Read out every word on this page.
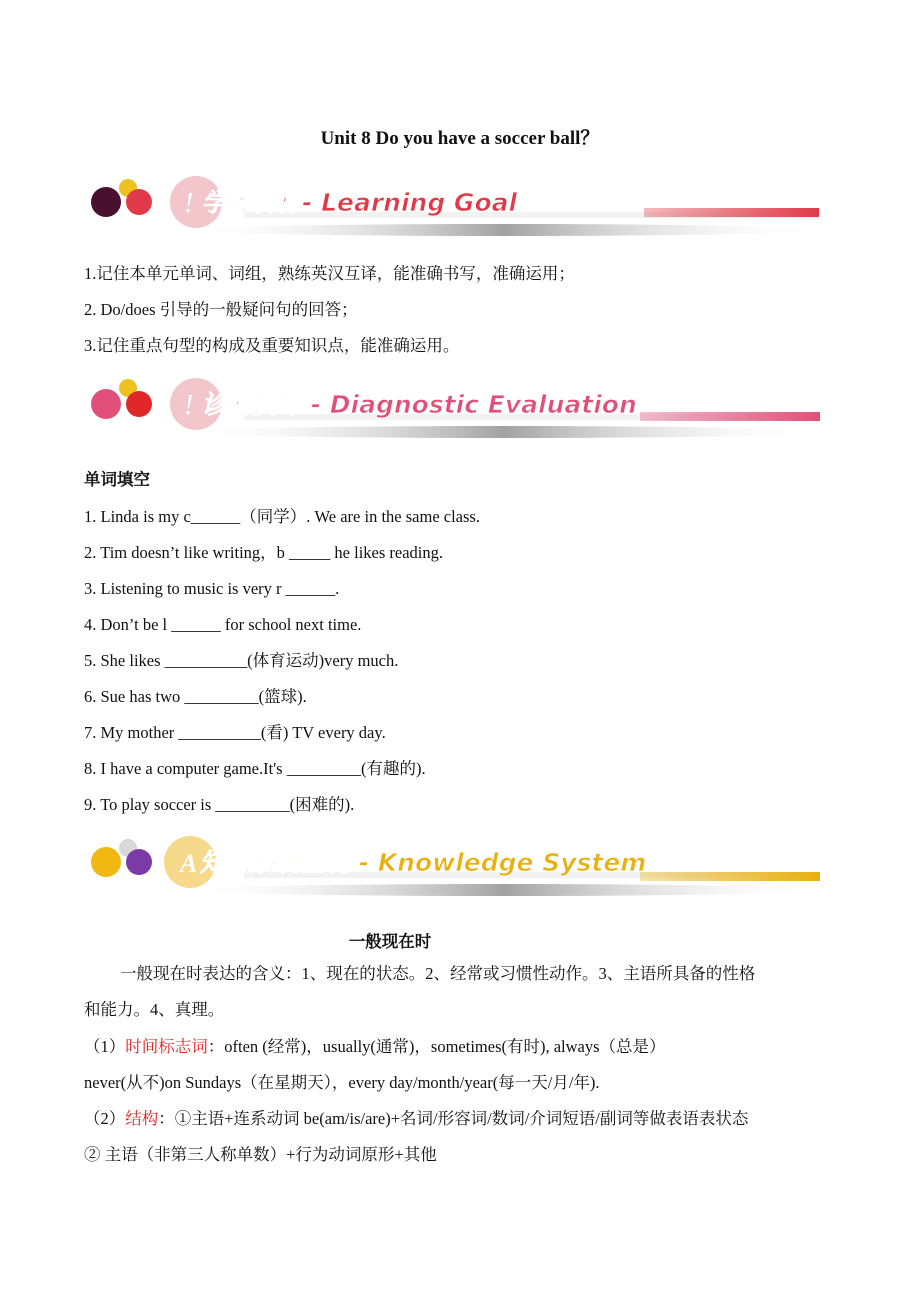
Unit 8 Do you have a soccer ball？
! 学习目标- Learning Goal
1.记住本单元单词、词组，熟练英汉互译，能准确书写，准确运用；
2. Do/does 引导的一般疑问句的回答；
3.记住重点句型的构成及重要知识点，能准确运用。
! 诊断测评 - Diagnostic Evaluation
单词填空
1. Linda is my c______（同学）. We are in the same class.
2. Tim doesn’t like writing，b _____ he likes reading.
3. Listening to music is very r ______.
4. Don’t be l ______ for school next time.
5. She likes __________(体育运动)very much.
6. Sue has two _________(篮球).
7. My mother __________(看) TV every day.
8. I have a computer game.It's _________(有趣的).
9. To play soccer is _________(困难的).
A 知识系统呈现 - Knowledge System
一般现在时
一般现在时表达的含义：1、现在的状态。2、经常或习惯性动作。3、主语所具备的性格
和能力。4、真理。
（1）时间标志词：often (经常)，usually(通常)，sometimes(有时), always（总是）
never(从不)on Sundays（在星期天），every day/month/year(每一天/月/年).
（2）结构：①主语+连系动词 be(am/is/are)+名词/形容词/数词/介词短语/副词等做表语表状态
② 主语（非第三人称单数）+行为动词原形+其他
